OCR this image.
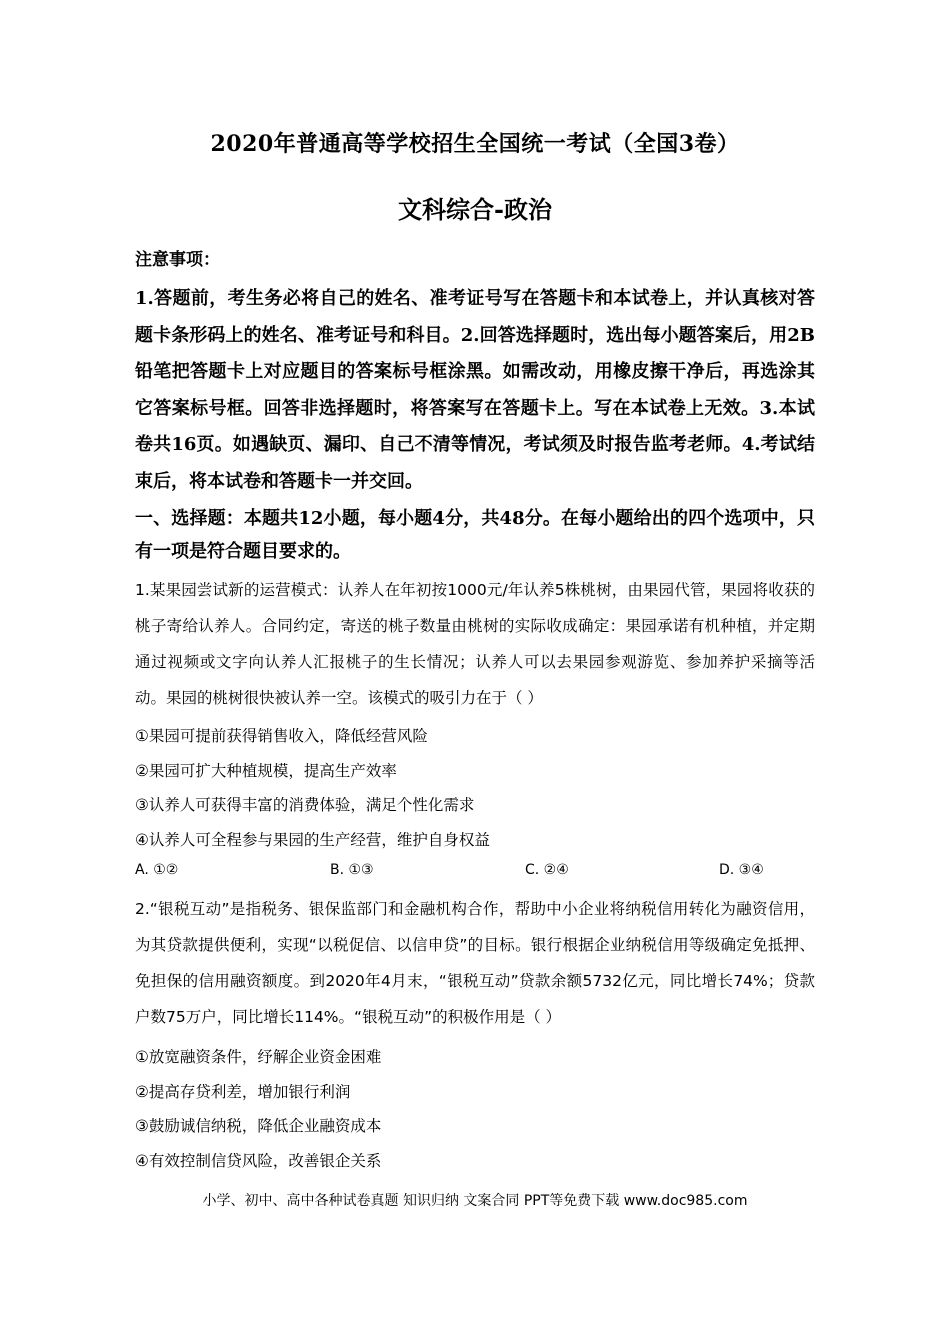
2020年普通高等学校招生全国统一考试（全国3卷）
文科综合-政治
注意事项：
1.答题前，考生务必将自己的姓名、准考证号写在答题卡和本试卷上，并认真核对答题卡条形码上的姓名、准考证号和科目。2.回答选择题时，选出每小题答案后，用2B铅笔把答题卡上对应题目的答案标号框涂黑。如需改动，用橡皮擦干净后，再选涂其它答案标号框。回答非选择题时，将答案写在答题卡上。写在本试卷上无效。3.本试卷共16页。如遇缺页、漏印、自己不清等情况，考试须及时报告监考老师。4.考试结束后，将本试卷和答题卡一并交回。
一、选择题：本题共12小题，每小题4分，共48分。在每小题给出的四个选项中，只有一项是符合题目要求的。
1.某果园尝试新的运营模式：认养人在年初按1000元/年认养5株桃树，由果园代管，果园将收获的桃子寄给认养人。合同约定，寄送的桃子数量由桃树的实际收成确定：果园承诺有机种植，并定期通过视频或文字向认养人汇报桃子的生长情况；认养人可以去果园参观游览、参加养护采摘等活动。果园的桃树很快被认养一空。该模式的吸引力在于（ ）
①果园可提前获得销售收入，降低经营风险
②果园可扩大种植规模，提高生产效率
③认养人可获得丰富的消费体验，满足个性化需求
④认养人可全程参与果园的生产经营，维护自身权益
A. ①②	B. ①③	C. ②④	D. ③④
2.“银税互动”是指税务、银保监部门和金融机构合作，帮助中小企业将纳税信用转化为融资信用，为其贷款提供便利，实现“以税促信、以信申贷”的目标。银行根据企业纳税信用等级确定免抵押、免担保的信用融资额度。到2020年4月末，“银税互动”贷款余额5732亿元，同比增长74%；贷款户数75万户，同比增长114%。“银税互动”的积极作用是（ ）
①放宽融资条件，纾解企业资金困难
②提高存贷利差，增加银行利润
③鼓励诚信纳税，降低企业融资成本
④有效控制信贷风险，改善银企关系
小学、初中、高中各种试卷真题 知识归纳 文案合同 PPT等免费下载 www.doc985.com
